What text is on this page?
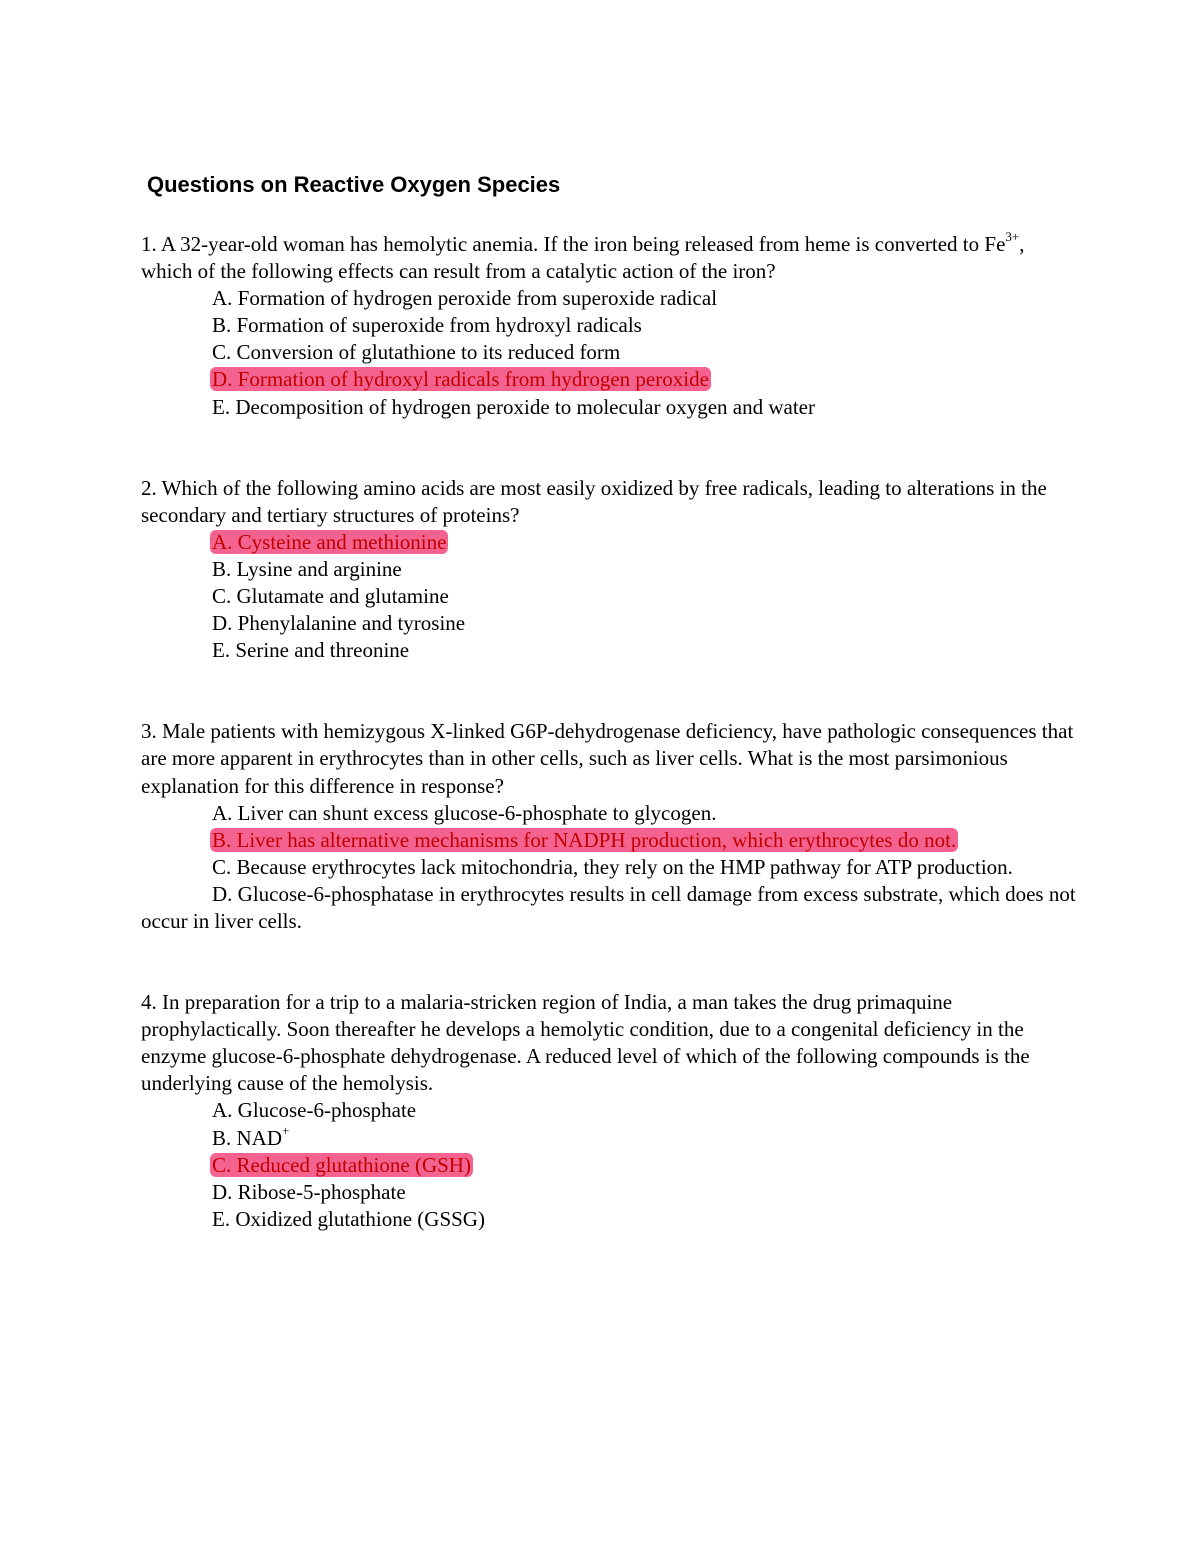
Questions on Reactive Oxygen Species

1. A 32-year-old woman has hemolytic anemia. If the iron being released from heme is converted to $Fe^{3+}$, which of the following effects can result from a catalytic action of the iron?

A. Formation of hydrogen peroxide from superoxide radical

B. Formation of superoxide from hydroxyl radicals

C. Conversion of glutathione to its reduced form

D. Formation of hydroxyl radicals from hydrogen peroxide

E. Decomposition of hydrogen peroxide to molecular oxygen and water

2. Which of the following amino acids are most easily oxidized by free radicals, leading to alterations in the secondary and tertiary structures of proteins?

A. Cysteine and methionine

B. Lysine and arginine

C. Glutamate and glutamine

D. Phenylalanine and tyrosine

E. Serine and threonine

3. Male patients with hemizygous X-linked G6P-dehydrogenase deficiency, have pathologic consequences that are more apparent in erythrocytes than in other cells, such as liver cells. What is the most parsimonious explanation for this difference in response?

A. Liver can shunt excess glucose-6-phosphate to glycogen.

B. Liver has alternative mechanisms for NADPH production, which erythrocytes do not.

C. Because erythrocytes lack mitochondria, they rely on the HMP pathway for ATP production.

D. Glucose-6-phosphatase in erythrocytes results in cell damage from excess substrate, which does not occur in liver cells.

4. In preparation for a trip to a malaria-stricken region of India, a man takes the drug primaquine prophylactically. Soon thereafter he develops a hemolytic condition, due to a congenital deficiency in the enzyme glucose-6-phosphate dehydrogenase. A reduced level of which of the following compounds is the underlying cause of the hemolysis.

A. Glucose-6-phosphate

B. NAD+

C. Reduced glutathione (GSH)

D. Ribose-5-phosphate

E. Oxidized glutathione (GSSG)
